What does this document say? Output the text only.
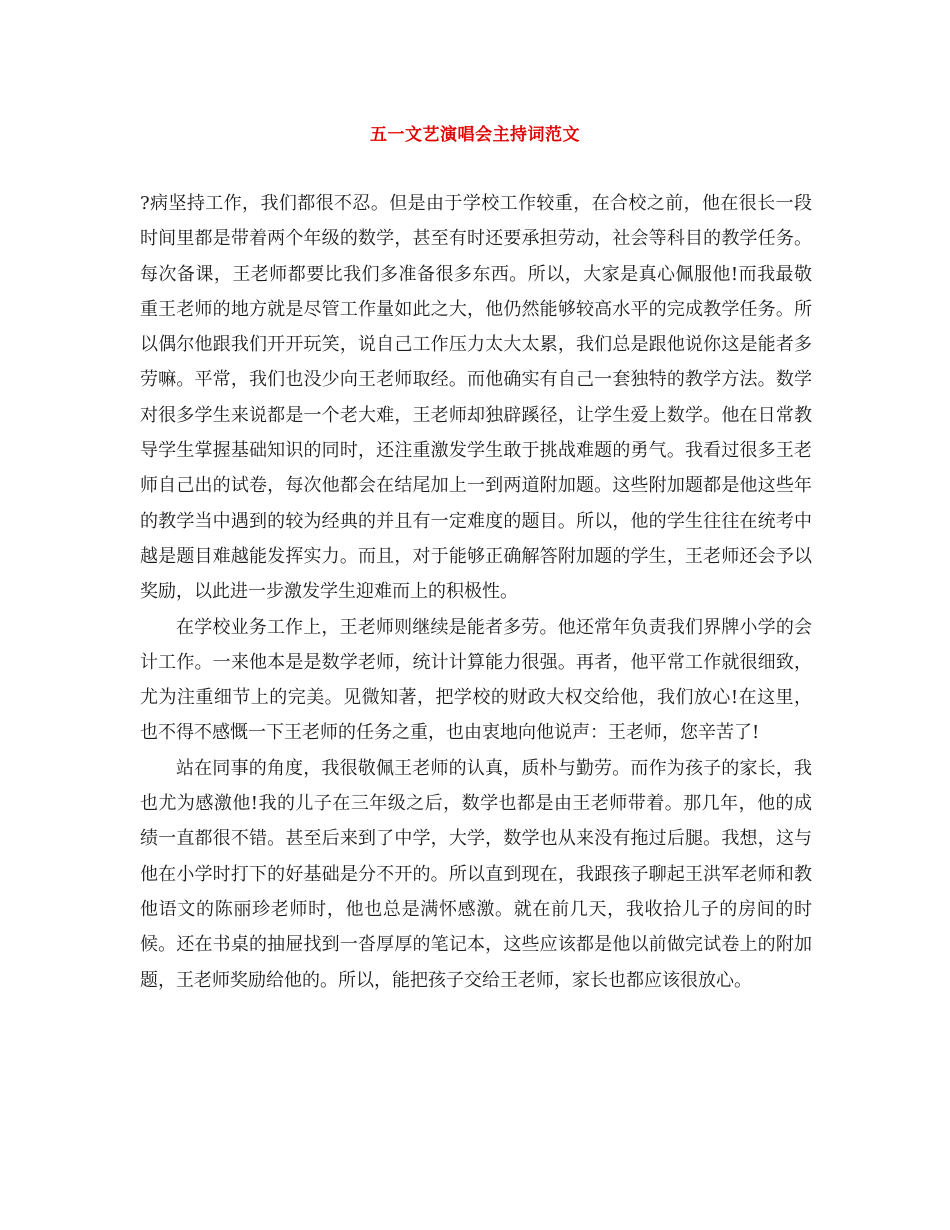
五一文艺演唱会主持词范文

?病坚持工作，我们都很不忍。但是由于学校工作较重，在合校之前，他在很长一段时间里都是带着两个年级的数学，甚至有时还要承担劳动，社会等科目的教学任务。每次备课，王老师都要比我们多准备很多东西。所以，大家是真心佩服他!而我最敬重王老师的地方就是尽管工作量如此之大，他仍然能够较高水平的完成教学任务。所以偶尔他跟我们开开玩笑，说自己工作压力太大太累，我们总是跟他说你这是能者多劳嘛。平常，我们也没少向王老师取经。而他确实有自己一套独特的教学方法。数学对很多学生来说都是一个老大难，王老师却独辟蹊径，让学生爱上数学。他在日常教导学生掌握基础知识的同时，还注重激发学生敢于挑战难题的勇气。我看过很多王老师自己出的试卷，每次他都会在结尾加上一到两道附加题。这些附加题都是他这些年的教学当中遇到的较为经典的并且有一定难度的题目。所以，他的学生往往在统考中越是题目难越能发挥实力。而且，对于能够正确解答附加题的学生，王老师还会予以奖励，以此进一步激发学生迎难而上的积极性。

在学校业务工作上，王老师则继续是能者多劳。他还常年负责我们界牌小学的会计工作。一来他本是是数学老师，统计计算能力很强。再者，他平常工作就很细致，尤为注重细节上的完美。见微知著，把学校的财政大权交给他，我们放心!在这里，也不得不感慨一下王老师的任务之重，也由衷地向他说声：王老师，您辛苦了!

站在同事的角度，我很敬佩王老师的认真，质朴与勤劳。而作为孩子的家长，我也尤为感激他!我的儿子在三年级之后，数学也都是由王老师带着。那几年，他的成绩一直都很不错。甚至后来到了中学，大学，数学也从来没有拖过后腿。我想，这与他在小学时打下的好基础是分不开的。所以直到现在，我跟孩子聊起王洪军老师和教他语文的陈丽珍老师时，他也总是满怀感激。就在前几天，我收拾儿子的房间的时候。还在书桌的抽屉找到一沓厚厚的笔记本，这些应该都是他以前做完试卷上的附加题，王老师奖励给他的。所以，能把孩子交给王老师，家长也都应该很放心。
